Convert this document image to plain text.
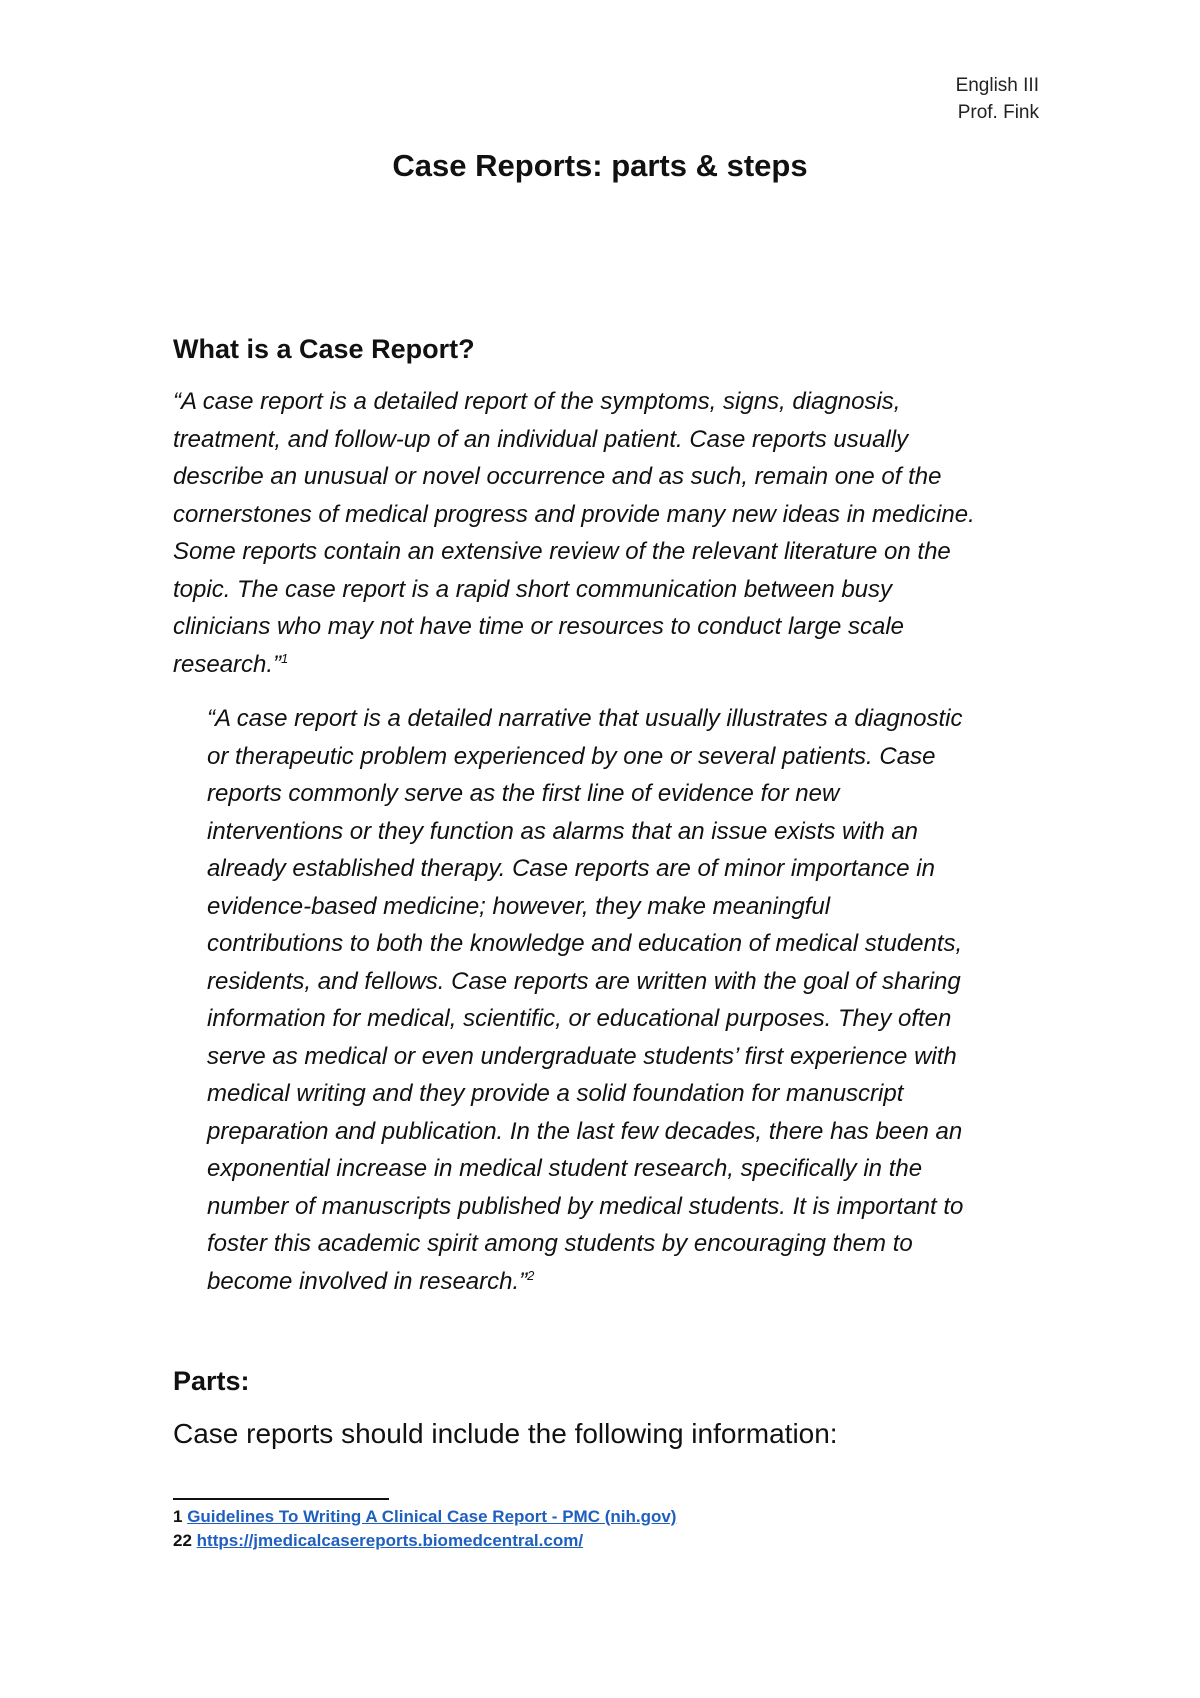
English III
Prof. Fink
Case Reports: parts & steps
What is a Case Report?

“A case report is a detailed report of the symptoms, signs, diagnosis,
treatment, and follow-up of an individual patient. Case reports usually
describe an unusual or novel occurrence and as such, remain one of the
cornerstones of medical progress and provide many new ideas in medicine.
Some reports contain an extensive review of the relevant literature on the
topic. The case report is a rapid short communication between busy
clinicians who may not have time or resources to conduct large scale
research.”$^1$

“A case report is a detailed narrative that usually illustrates a diagnostic
or therapeutic problem experienced by one or several patients. Case
reports commonly serve as the first line of evidence for new
interventions or they function as alarms that an issue exists with an
already established therapy. Case reports are of minor importance in
evidence-based medicine; however, they make meaningful
contributions to both the knowledge and education of medical students,
residents, and fellows. Case reports are written with the goal of sharing
information for medical, scientific, or educational purposes. They often
serve as medical or even undergraduate students’ first experience with
medical writing and they provide a solid foundation for manuscript
preparation and publication. In the last few decades, there has been an
exponential increase in medical student research, specifically in the
number of manuscripts published by medical students. It is important to
foster this academic spirit among students by encouraging them to
become involved in research.”$^2$

Parts:
Case reports should include the following information:
1 Guidelines To Writing A Clinical Case Report - PMC (nih.gov)
22 https://jmedicalcasereports.biomedcentral.com/
